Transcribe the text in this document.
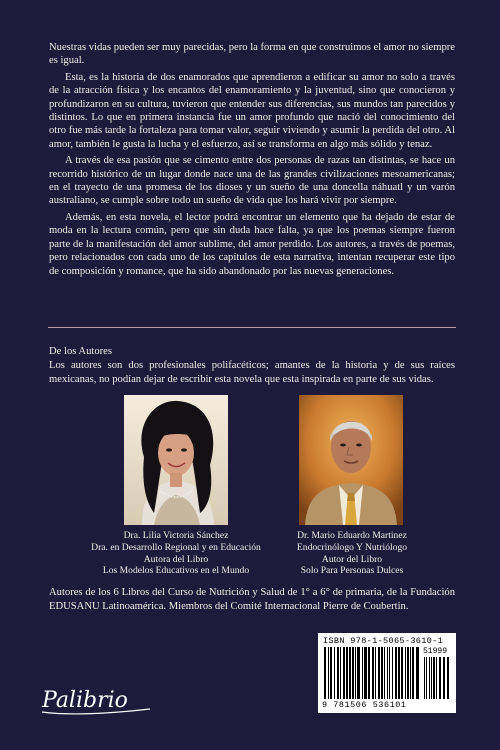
Nuestras vidas pueden ser muy parecidas, pero la forma en que construimos el amor no siempre es igual.

Esta, es la historia de dos enamorados que aprendieron a edificar su amor no solo a través de la atracción física y los encantos del enamoramiento y la juventud, sino que conocieron y profundizaron en su cultura, tuvieron que entender sus diferencias, sus mundos tan parecidos y distintos. Lo que en primera instancia fue un amor profundo que nació del conocimiento del otro fue más tarde la fortaleza para tomar valor, seguir viviendo y asumir la perdida del otro. Al amor, también le gusta la lucha y el esfuerzo, así se transforma en algo más sólido y tenaz.

A través de esa pasión que se cimento entre dos personas de razas tan distintas, se hace un recorrido histórico de un lugar donde nace una de las grandes civilizaciones mesoamericanas; en el trayecto de una promesa de los dioses y un sueño de una doncella náhuatl y un varón australiano, se cumple sobre todo un sueño de vida que los hará vivir por siempre.

Además, en esta novela, el lector podrá encontrar un elemento que ha dejado de estar de moda en la lectura común, pero que sin duda hace falta, ya que los poemas siempre fueron parte de la manifestación del amor sublime, del amor perdido. Los autores, a través de poemas, pero relacionados con cada uno de los capítulos de esta narrativa, intentan recuperar este tipo de composición y romance, que ha sido abandonado por las nuevas generaciones.

De los Autores
Los autores son dos profesionales polifacéticos; amantes de la historia y de sus raíces mexicanas, no podían dejar de escribir esta novela que esta inspirada en parte de sus vidas.
Dra. Lilia Victoria Sánchez
Dra. en Desarrollo Regional y en Educación
Autora del Libro
Los Modelos Educativos en el Mundo
Dr. Mario Eduardo Martinez
Endocrinólogo Y Nutriólogo
Autor del Libro
Solo Para Personas Dulces
Autores de los 6 Libros del Curso de Nutrición y Salud de 1° a 6° de primaria, de la Fundación EDUSANU Latinoamérica. Miembros del Comité Internacional Pierre de Coubertin.
ISBN 978-1-5065-3610-1
51999
9 781506 536101
Palibrio
